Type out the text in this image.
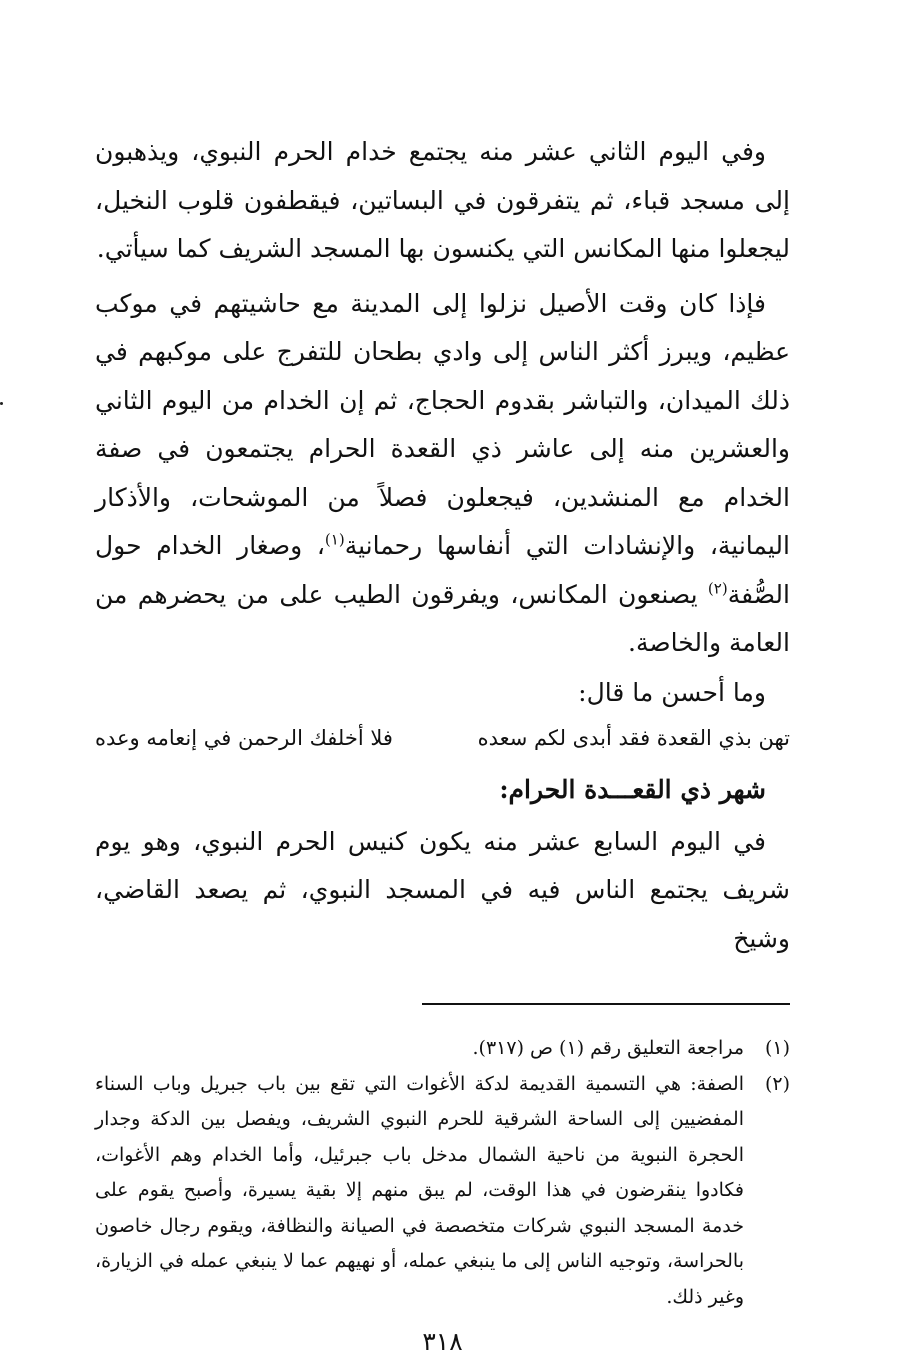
وفي اليوم الثاني عشر منه يجتمع خدام الحرم النبوي، ويذهبون إلى مسجد قباء، ثم يتفرقون في البساتين، فيقطفون قلوب النخيل، ليجعلوا منها المكانس التي يكنسون بها المسجد الشريف كما سيأتي.

فإذا كان وقت الأصيل نزلوا إلى المدينة مع حاشيتهم في موكب عظيم، ويبرز أكثر الناس إلى وادي بطحان للتفرج على موكبهم في ذلك الميدان، والتباشر بقدوم الحجاج، ثم إن الخدام من اليوم الثاني والعشرين منه إلى عاشر ذي القعدة الحرام يجتمعون في صفة الخدام مع المنشدين، فيجعلون فصلاً من الموشحات، والأذكار اليمانية، والإنشادات التي أنفاسها رحمانية$^{(١)}$، وصغار الخدام حول الصُّفة$^{(٢)}$ يصنعون المكانس، ويفرقون الطيب على من يحضرهم من العامة والخاصة.

وما أحسن ما قال:

تهن بذي القعدة فقد أبدى لكم سعده
فلا أخلفك الرحمن في إنعامه وعده
شهر ذي القعـــدة الحرام:

في اليوم السابع عشر منه يكون كنيس الحرم النبوي، وهو يوم شريف يجتمع الناس فيه في المسجد النبوي، ثم يصعد القاضي، وشيخ

(١)
مراجعة التعليق رقم (١) ص (٣١٧).
(٢)
الصفة: هي التسمية القديمة لدكة الأغوات التي تقع بين باب جبريل وباب السناء المفضيين إلى الساحة الشرقية للحرم النبوي الشريف، ويفصل بين الدكة وجدار الحجرة النبوية من ناحية الشمال مدخل باب جبرئيل، وأما الخدام وهم الأغوات، فكادوا ينقرضون في هذا الوقت، لم يبق منهم إلا بقية يسيرة، وأصبح يقوم على خدمة المسجد النبوي شركات متخصصة في الصيانة والنظافة، ويقوم رجال خاصون بالحراسة، وتوجيه الناس إلى ما ينبغي عمله، أو نهيهم عما لا ينبغي عمله في الزيارة، وغير ذلك.
٣١٨
